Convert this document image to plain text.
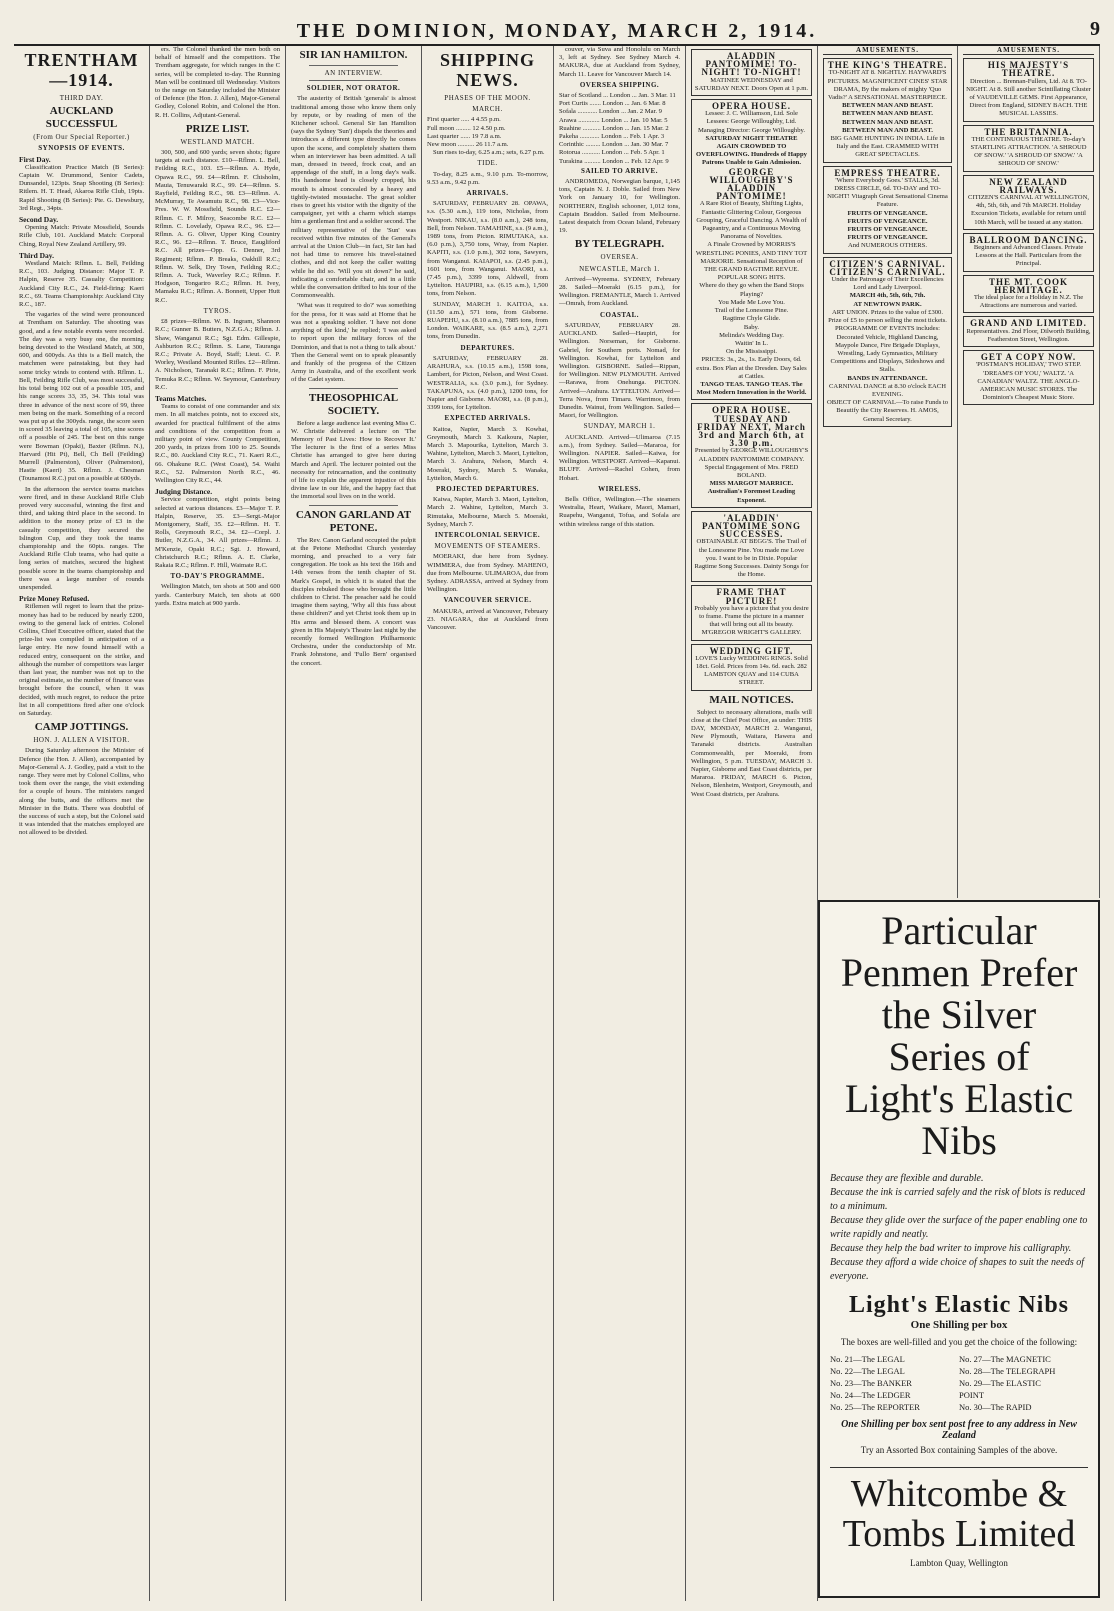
THE DOMINION, MONDAY, MARCH 2, 1914.	9
TRENTHAM—1914.
THIRD DAY.
AUCKLAND SUCCESSFUL
(From Our Special Reporter.)
SYNOPSIS OF EVENTS.
First Day.

Classification Practice Match (B Series): Captain W. Drummond, Senior Cadets, Dunsandel, 123pts. Snap Shooting (B Series): Ritlem. H. T. Head, Akaroa Rifle Club, 19pts. Rapid Shooting (B Series): Pte. G. Dewsbury, 3rd Regt., 34pts.

Second Day.

Opening Match: Private Mossfield, Sounds Rifle Club, 101. Auckland Match: Corporal Ching, Royal New Zealand Artillery, 99.

Third Day.

Westland Match: Rflmn. L. Bell, Feilding R.C., 103. Judging Distance: Major T. P. Halpin, Reserve 35. Casualty Competition: Auckland City R.C., 24. Field-firing: Kaeri R.C., 69. Teams Championship: Auckland City R.C., 187.

The vagaries of the wind were pronounced at Trentham on Saturday. The shooting was good, and a few notable events were recorded. The day was a very busy one, the morning being devoted to the Westland Match, at 300, 600, and 600yds. As this is a Bell match, the matchmen were painstaking, but they had some tricky winds to contend with. Rflmn. L. Bell, Feilding Rifle Club, was most successful, his total being 102 out of a possible 105, and his range scores 33, 35, 34. This total was three in advance of the next score of 99, three men being on the mark. Something of a record was put up at the 300yds. range, the score seen in scored 35 leaving a total of 105, nine scores off a possible of 245. The best on this range were Bowman (Opaki), Baxter (Rflmn. N.), Harvard (Hit Pt), Bell, Ch Bell (Feilding) Murrell (Palmerston), Oliver (Palmerston), Hastie (Kaeri) 35. Rflmn. J. Chesman (Tounamosi R.C.) put on a possible at 600yds.

In the afternoon the service teams matches were fired, and in these Auckland Rifle Club proved very successful, winning the first and third, and taking third place in the second. In addition to the money prize of £3 in the casualty competition, they secured the Islington Cup, and they took the teams championship and the 60pts. ranges. The Auckland Rifle Club teams, who had quite a long series of matches, secured the highest possible score in the teams championship and there was a large number of rounds unexpended.

Prize Money Refused.

Riflemen will regret to learn that the prize-money has had to be reduced by nearly £200, owing to the general lack of entries. Colonel Collins, Chief Executive officer, stated that the prize-list was compiled in anticipation of a large entry. He now found himself with a reduced entry, consequent on the strike, and although the number of competitors was larger than last year, the number was not up to the original estimate, so the number of finance was brought before the council, when it was decided, with much regret, to reduce the prize list in all competitions fired after one o'clock on Saturday.

CAMP JOTTINGS.
HON. J. ALLEN A VISITOR.

During Saturday afternoon the Minister of Defence (the Hon. J. Allen), accompanied by Major-General A. J. Godley, paid a visit to the range. They were met by Colonel Collins, who took them over the range, the visit extending for a couple of hours. The ministers ranged along the butts, and the officers met the Minister in the Butts. There was doubtful of the success of such a step, but the Colonel said it was intended that the matches employed are not allowed to be divided.

ers. The Colonel thanked the men both on behalf of himself and the competitors. The Trentham aggregate, for which ranges in the C series, will be completed to-day. The Running Man will be continued till Wednesday. Visitors to the range on Saturday included the Minister of Defence (the Hon. J. Allen), Major-General Godley, Colonel Robin, and Colonel the Hon. R. H. Collins, Adjutant-General.

PRIZE LIST.
WESTLAND MATCH.

300, 500, and 600 yards; seven shots; figure targets at each distance. £10—Rflmn. L. Bell, Feilding R.C., 103. £5—Rflmn. A. Hyde, Opawa R.C., 99. £4—Rflmn. F. Chisholm, Mauia, Tenuwaraki R.C., 99. £4—Rflmn. S. Rayfield, Feilding R.C., 98. £3—Rflmn. A. McMurray, Te Awamutu R.C., 98. £3—Vice-Pres. W. W. Mossfield, Sounds R.C. £2—Rflmn. C. F. Milroy, Seacombe R.C. £2—Rflmn. C. Lovelady, Opawa R.C., 96. £2—Rflmn. A. G. Oliver, Upper King Country R.C., 96. £2—Rflmn. T. Bruce, Eaugliford R.C. All prizes—Opp. G. Denner, 3rd Regiment; Rflmn. P. Breaks, Oakhill R.C.; Rflmn. W. Selk, Dry Town, Feilding R.C.; Rflmn. A. Tuck, Waverley R.C.; Rflmn. F. Hodgson, Tongariro R.C.; Rflmn. H. Ivey, Mamaku R.C.; Rflmn. A. Bonnett, Upper Hutt R.C.

TYROS.

£8 prizes—Rflmn. W. B. Ingram, Shannon R.C.; Gunner B. Butters, N.Z.G.A.; Rflmn. J. Shaw, Wanganui R.C.; Sgt. Edm. Gillespie, Ashburton R.C.; Rflmn. S. Lane, Tauranga R.C.; Private A. Boyd, Staff; Lieut. C. P. Worley, Westland Mounted Rifles. £2—Rflmn. A. Nicholson, Taranaki R.C.; Rflmn. F. Pirie, Temuka R.C.; Rflmn. W. Seymour, Canterbury R.C.

Teams Matches.

Teams to consist of one commander and six men. In all matches points, not to exceed six, awarded for practical fulfilment of the aims and conditions of the competition from a military point of view. County Competition, 200 yards, in prizes from 100 to 25. Sounds R.C., 80. Auckland City R.C., 71. Kaeri R.C., 66. Ohakune R.C. (West Coast), 54. Waihi R.C., 52. Palmerston North R.C., 46. Wellington City R.C., 44.

Judging Distance.

Service competition, eight points being selected at various distances. £3—Major T. P. Halpin, Reserve, 35. £3—Sergt.-Major Montgomery, Staff, 35. £2—Rflmn. H. T. Rolls, Greymouth R.C., 34. £2—Corpl. J. Butler, N.Z.G.A., 34. All prizes—Rflmn. J. M'Kenzie, Opaki R.C.; Sgt. J. Howard, Christchurch R.C.; Rflmn. A. E. Clarke, Rakaia R.C.; Rflmn. F. Hill, Waimate R.C.

TO-DAY'S PROGRAMME.

Wellington Match, ten shots at 500 and 600 yards. Canterbury Match, ten shots at 600 yards. Extra match at 900 yards.

SIR IAN HAMILTON.
AN INTERVIEW.
SOLDIER, NOT ORATOR.

The austerity of British 'generals' is almost traditional among those who know them only by repute, or by reading of men of the Kitchener school. General Sir Ian Hamilton (says the Sydney 'Sun') dispels the theories and introduces a different type directly he comes upon the scene, and completely shatters them when an interviewer has been admitted. A tall man, dressed in tweed, frock coat, and an appendage of the stuff, in a long day's walk. His handsome head is closely cropped, his mouth is almost concealed by a heavy and tightly-twisted moustache. The great soldier rises to greet his visitor with the dignity of the campaigner, yet with a charm which stamps him a gentleman first and a soldier second. The military representative of the 'Sun' was received within five minutes of the General's arrival at the Union Club—in fact, Sir Ian had not had time to remove his travel-stained clothes, and did not keep the caller waiting while he did so. 'Will you sit down?' he said, indicating a comfortable chair, and in a little while the conversation drifted to his tour of the Commonwealth.

'What was it required to do?' was something for the press, for it was said at Home that he was not a speaking soldier. 'I have not done anything of the kind,' he replied; 'I was asked to report upon the military forces of the Dominion, and that is not a thing to talk about.' Then the General went on to speak pleasantly and frankly of the progress of the Citizen Army in Australia, and of the excellent work of the Cadet system.

THEOSOPHICAL SOCIETY.

Before a large audience last evening Miss C. W. Christie delivered a lecture on 'The Memory of Past Lives: How to Recover It.' The lecturer is the first of a series Miss Christie has arranged to give here during March and April. The lecturer pointed out the necessity for reincarnation, and the continuity of life to explain the apparent injustice of this divine law in our life, and the happy fact that the immortal soul lives on in the world.

CANON GARLAND AT PETONE.

The Rev. Canon Garland occupied the pulpit at the Petone Methodist Church yesterday morning, and preached to a very fair congregation. He took as his text the 16th and 14th verses from the tenth chapter of St. Mark's Gospel, in which it is stated that the disciples rebuked those who brought the little children to Christ. The preacher said he could imagine them saying, 'Why all this fuss about these children?' and yet Christ took them up in His arms and blessed them. A concert was given in His Majesty's Theatre last night by the recently formed Wellington Philharmonic Orchestra, under the conductorship of Mr. Frank Johnstone, and 'Fullo Bern' organised the concert.

SHIPPING NEWS.
PHASES OF THE MOON.
MARCH.
First quarter ..... 4 4.55 p.m.
Full moon ......... 12 4.50 p.m.
Last quarter ...... 19 7.8 a.m.
New moon .......... 26 11.7 a.m.

Sun rises to-day, 6.25 a.m.; sets, 6.27 p.m.

TIDE.

To-day, 8.25 a.m., 9.10 p.m. To-morrow, 9.53 a.m., 9.42 p.m.

ARRIVALS.

SATURDAY, FEBRUARY 28. OPAWA, s.s. (5.30 a.m.), 119 tons, Nicholas, from Westport. NIKAU, s.s. (8.0 a.m.), 248 tons, Bell, from Nelson. TAMAHINE, s.s. (9 a.m.), 1989 tons, from Picton. RIMUTAKA, s.s. (6.0 p.m.), 3,750 tons, Wray, from Napier. KAPITI, s.s. (1.0 p.m.), 302 tons, Sawyers, from Wanganui. KAIAPOI, s.s. (2.45 p.m.), 1601 tons, from Wanganui. MAORI, s.s. (7.45 p.m.), 3399 tons, Aldwell, from Lyttelton. HAUPIRI, s.s. (6.15 a.m.), 1,500 tons, from Nelson.

SUNDAY, MARCH 1. KAITOA, s.s. (11.50 a.m.), 571 tons, from Gisborne. RUAPEHU, s.s. (8.10 a.m.), 7885 tons, from London. WAIKARE, s.s. (8.5 a.m.), 2,271 tons, from Dunedin.

DEPARTURES.

SATURDAY, FEBRUARY 28. ARAHURA, s.s. (10.15 a.m.), 1598 tons, Lambert, for Picton, Nelson, and West Coast. WESTRALIA, s.s. (3.0 p.m.), for Sydney. TAKAPUNA, s.s. (4.0 p.m.), 1200 tons, for Napier and Gisborne. MAORI, s.s. (8 p.m.), 3399 tons, for Lyttelton.

EXPECTED ARRIVALS.

Kaitoa, Napier, March 3. Kowhai, Greymouth, March 3. Kaikoura, Napier, March 3. Mapourika, Lyttelton, March 3. Wahine, Lyttelton, March 3. Maori, Lyttelton, March 3. Arahura, Nelson, March 4. Moeraki, Sydney, March 5. Wanaka, Lyttelton, March 6.

PROJECTED DEPARTURES.

Kaiwa, Napier, March 3. Maori, Lyttelton, March 2. Wahine, Lyttelton, March 3. Rimutaka, Melbourne, March 5. Moeraki, Sydney, March 7.

INTERCOLONIAL SERVICE.
MOVEMENTS OF STEAMERS.

MOERAKI, due here from Sydney. WIMMERA, due from Sydney. MAHENO, due from Melbourne. ULIMAROA, due from Sydney. ADRASSA, arrived at Sydney from Wellington.

VANCOUVER SERVICE.

MAKURA, arrived at Vancouver, February 23. NIAGARA, due at Auckland from Vancouver.

couver, via Suva and Honolulu on March 3, left at Sydney. See Sydney March 4. MAKURA, due at Auckland from Sydney, March 11. Leave for Vancouver March 14.

OVERSEA SHIPPING.
Star of Scotland ... London ... Jan. 3 Mar. 11
Port Curtis ....... London ... Jan. 6 Mar. 8
Sofala ............ London ... Jan. 2 Mar. 9
Arawa ............. London ... Jan. 10 Mar. 5
Ruahine ........... London ... Jan. 15 Mar. 2
Pakeha ............ London ... Feb. 1 Apr. 3
Corinthic ......... London ... Jan. 30 Mar. 7
Rotorua ........... London ... Feb. 5 Apr. 1
Turakina .......... London ... Feb. 12 Apr. 9
SAILED TO ARRIVE.

ANDROMEDA, Norwegian barque, 1,145 tons, Captain N. J. Doble. Sailed from New York on January 10, for Wellington. NORTHERN, English schooner, 1,012 tons, Captain Braddon. Sailed from Melbourne. Latest despatch from Ocean Island, February 19.

BY TELEGRAPH.
OVERSEA.
NEWCASTLE, March 1.

Arrived—Wyreema. SYDNEY, February 28. Sailed—Moeraki (6.15 p.m.), for Wellington. FREMANTLE, March 1. Arrived—Omrah, from Auckland.

COASTAL.

SATURDAY, FEBRUARY 28. AUCKLAND. Sailed—Haupiri, for Wellington. Norseman, for Gisborne. Gabriel, for Southern ports. Nomad, for Wellington. Kowhai, for Lyttelton and Wellington. GISBORNE. Sailed—Rippan, for Wellington. NEW PLYMOUTH. Arrived—Rarawa, from Onehunga. PICTON. Arrived—Arahura. LYTTELTON. Arrived—Terra Nova, from Timaru. Warrimoo, from Dunedin. Wainui, from Wellington. Sailed—Maori, for Wellington.

SUNDAY, MARCH 1.

AUCKLAND. Arrived—Ulimaroa (7.15 a.m.), from Sydney. Sailed—Mararoa, for Wellington. NAPIER. Sailed—Kaiwa, for Wellington. WESTPORT. Arrived—Kapanui. BLUFF. Arrived—Rachel Cohen, from Hobart.

WIRELESS.

Bells Office, Wellington.—The steamers Westralia, Heart, Waikare, Maori, Mamari, Ruapehu, Wanganui, Tofua, and Sofala are within wireless range of this station.

ALADDIN PANTOMIME! TO-NIGHT! TO-NIGHT!
MATINEE WEDNESDAY and SATURDAY NEXT. Doors Open at 1 p.m.
OPERA HOUSE.
Lessee: J. C. Williamson, Ltd. Sole Lessees: George Willoughby, Ltd. Managing Director: George Willoughby.
SATURDAY NIGHT THEATRE AGAIN CROWDED TO OVERFLOWING. Hundreds of Happy Patrons Unable to Gain Admission.
GEORGE WILLOUGHBY'S ALADDIN PANTOMIME!
A Rare Riot of Beauty, Shifting Lights, Fantastic Glittering Colour, Gorgeous Grouping, Graceful Dancing. A Wealth of Pageantry, and a Continuous Moving Panorama of Novelties.
A Finale Crowned by MORRIS'S WRESTLING PONIES, AND TINY TOT MARJORIE. Sensational Reception of THE GRAND RAGTIME REVUE. POPULAR SONG HITS.
Where do they go when the Band Stops Playing?
You Made Me Love You.
Trail of the Lonesome Pine.
Ragtime Chyle Glide.
Baby.
Melinda's Wedding Day.
Waitin' In L.
On the Mississippi.
PRICES: 3s., 2s., 1s. Early Doors, 6d. extra. Box Plan at the Dresden. Day Sales at Cattles.
TANGO TEAS. TANGO TEAS. The Most Modern Innovation in the World.
OPERA HOUSE. TUESDAY AND FRIDAY NEXT, March 3rd and March 6th, at 3.30 p.m.
Presented by GEORGE WILLOUGHBY'S ALADDIN PANTOMIME COMPANY. Special Engagement of Mrs. FRED BOLAND.
MISS MARGOT MARRICE. Australian's Foremost Leading Exponent.
'ALADDIN' PANTOMIME SONG SUCCESSES.
OBTAINABLE AT BEGG'S. The Trail of the Lonesome Pine. You made me Love you. I want to be in Dixie. Popular Ragtime Song Successes. Dainty Songs for the Home.
FRAME THAT PICTURE!
Probably you have a picture that you desire to frame. Frame the picture in a manner that will bring out all its beauty. M'GREGOR WRIGHT'S GALLERY.
WEDDING GIFT.
LOVE'S Lucky WEDDING RINGS. Solid 18ct. Gold. Prices from 14s. 6d. each. 282 LAMBTON QUAY and 114 CUBA STREET.
MAIL NOTICES.

Subject to necessary alterations, mails will close at the Chief Post Office, as under: THIS DAY, MONDAY, MARCH 2. Wanganui, New Plymouth, Waitara, Hawera and Taranaki districts. Australian Commonwealth, per Moeraki, from Wellington, 5 p.m. TUESDAY, MARCH 3. Napier, Gisborne and East Coast districts, per Mararoa. FRIDAY, MARCH 6. Picton, Nelson, Blenheim, Westport, Greymouth, and West Coast districts, per Arahura.

AMUSEMENTS.
THE KING'S THEATRE.
TO-NIGHT AT 8. NIGHTLY. HAYWARD'S PICTURES. MAGNIFICENT CINES' STAR DRAMA, By the makers of mighty 'Quo Vadis?' A SENSATIONAL MASTERPIECE.
BETWEEN MAN AND BEAST.
BETWEEN MAN AND BEAST.
BETWEEN MAN AND BEAST.
BETWEEN MAN AND BEAST.
BIG GAME HUNTING IN INDIA. Life in Italy and the East. CRAMMED WITH GREAT SPECTACLES.
EMPRESS THEATRE.
'Where Everybody Goes.' STALLS, 3d. DRESS CIRCLE, 6d. TO-DAY and TO-NIGHT! Vitagraph Great Sensational Cinema Feature.
FRUITS OF VENGEANCE.
FRUITS OF VENGEANCE.
FRUITS OF VENGEANCE.
FRUITS OF VENGEANCE.
And NUMEROUS OTHERS.
CITIZEN'S CARNIVAL. CITIZEN'S CARNIVAL.
Under the Patronage of Their Excellencies Lord and Lady Liverpool.
MARCH 4th, 5th, 6th, 7th.
AT NEWTOWN PARK.
ART UNION. Prizes to the value of £300. Prize of £5 to person selling the most tickets.
PROGRAMME OF EVENTS includes: Decorated Vehicle, Highland Dancing, Maypole Dance, Fire Brigade Displays, Wrestling, Lady Gymnastics, Military Competitions and Displays, Sideshows and Stalls.
BANDS IN ATTENDANCE.
CARNIVAL DANCE at 8.30 o'clock EACH EVENING.
OBJECT OF CARNIVAL—To raise Funds to Beautify the City Reserves. H. AMOS, General Secretary.
AMUSEMENTS.
HIS MAJESTY'S THEATRE.
Direction ... Brennan-Fullers, Ltd. At 8. TO-NIGHT. At 8. Still another Scintillating Cluster of VAUDEVILLE GEMS. First Appearance, Direct from England, SIDNEY BACH. THE MUSICAL LASSIES.
THE BRITANNIA.
THE CONTINUOUS THEATRE. To-day's STARTLING ATTRACTION. 'A SHROUD OF SNOW.' 'A SHROUD OF SNOW.' 'A SHROUD OF SNOW.'
NEW ZEALAND RAILWAYS.
CITIZEN'S CARNIVAL AT WELLINGTON, 4th, 5th, 6th, and 7th MARCH. Holiday Excursion Tickets, available for return until 10th March, will be issued at any station.
BALLROOM DANCING.
Beginners and Advanced Classes. Private Lessons at the Hall. Particulars from the Principal.
THE MT. COOK HERMITAGE.
The ideal place for a Holiday in N.Z. The Attractions are numerous and varied.
GRAND AND LIMITED.
Representatives. 2nd Floor, Dilworth Building, Featherston Street, Wellington.
GET A COPY NOW.
'POSTMAN'S HOLIDAY,' TWO STEP. 'DREAM'S OF YOU,' WALTZ. 'A CANADIAN' WALTZ. THE ANGLO-AMERICAN MUSIC STORES. The Dominion's Cheapest Music Store.
Particular Penmen Prefer the Silver Series of Light's Elastic Nibs
Because they are flexible and durable.
Because the ink is carried safely and the risk of blots is reduced to a minimum.
Because they glide over the surface of the paper enabling one to write rapidly and neatly.
Because they help the bad writer to improve his calligraphy.
Because they afford a wide choice of shapes to suit the needs of everyone.
Light's Elastic Nibs
One Shilling per box
The boxes are well-filled and you get the choice of the following:
No. 21—The LEGAL	No. 27—The MAGNETIC
No. 22—The LEGAL	No. 28—The TELEGRAPH
No. 23—The BANKER	No. 29—The ELASTIC
No. 24—The LEDGER	POINT
No. 25—The REPORTER	No. 30—The RAPID
One Shilling per box sent post free to any address in New Zealand
Try an Assorted Box containing Samples of the above.
Whitcombe & Tombs Limited
Lambton Quay, Wellington
